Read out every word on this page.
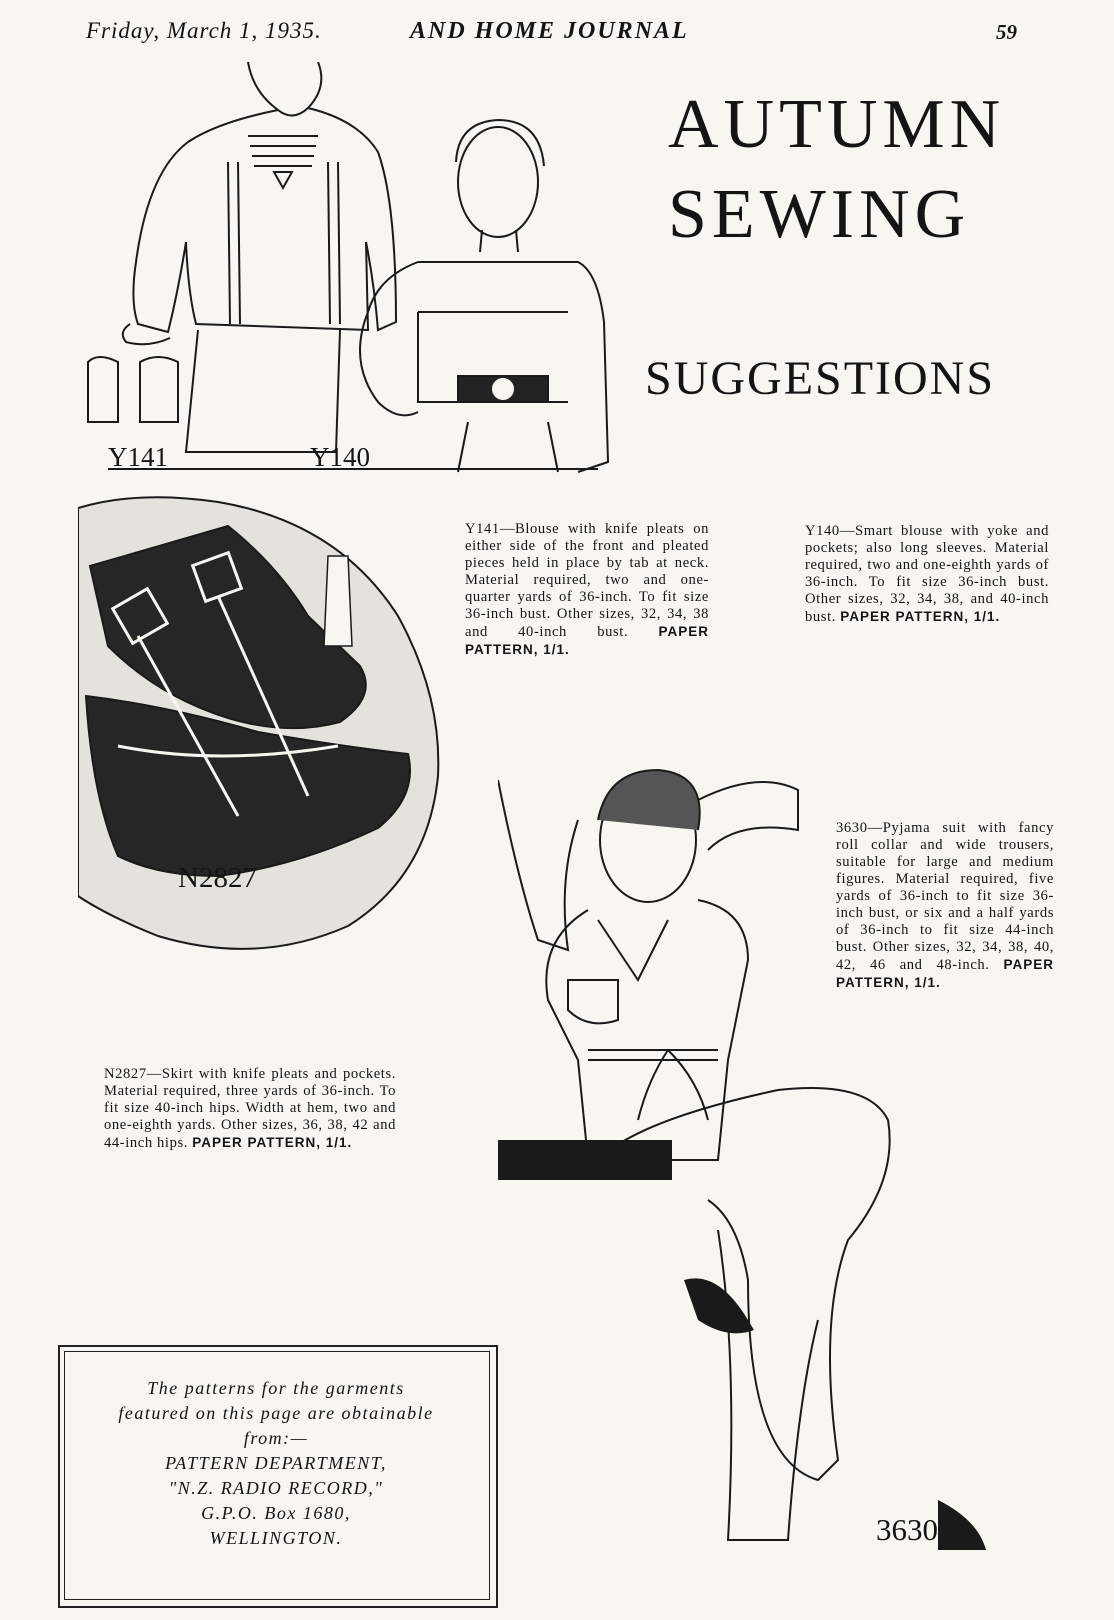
Friday, March 1, 1935.	AND HOME JOURNAL	59
AUTUMN
SEWING
SUGGESTIONS
Y141	Y140
N2827
3630

Y141—Blouse with knife pleats on either side of the front and pleated pieces held in place by tab at neck. Material required, two and one-quarter yards of 36-inch. To fit size 36-inch bust. Other sizes, 32, 34, 38 and 40-inch bust. PAPER PATTERN, 1/1.

Y140—Smart blouse with yoke and pockets; also long sleeves. Material required, two and one-eighth yards of 36-inch. To fit size 36-inch bust. Other sizes, 32, 34, 38, and 40-inch bust. PAPER PATTERN, 1/1.

3630—Pyjama suit with fancy roll collar and wide trousers, suitable for large and medium figures. Material required, five yards of 36-inch to fit size 36-inch bust, or six and a half yards of 36-inch to fit size 44-inch bust. Other sizes, 32, 34, 38, 40, 42, 46 and 48-inch. PAPER PATTERN, 1/1.

N2827—Skirt with knife pleats and pockets. Material required, three yards of 36-inch. To fit size 40-inch hips. Width at hem, two and one-eighth yards. Other sizes, 36, 38, 42 and 44-inch hips. PAPER PATTERN, 1/1.

The patterns for the garments
featured on this page are obtainable
from:—
PATTERN DEPARTMENT,
"N.Z. RADIO RECORD,"
G.P.O. Box 1680,
WELLINGTON.
